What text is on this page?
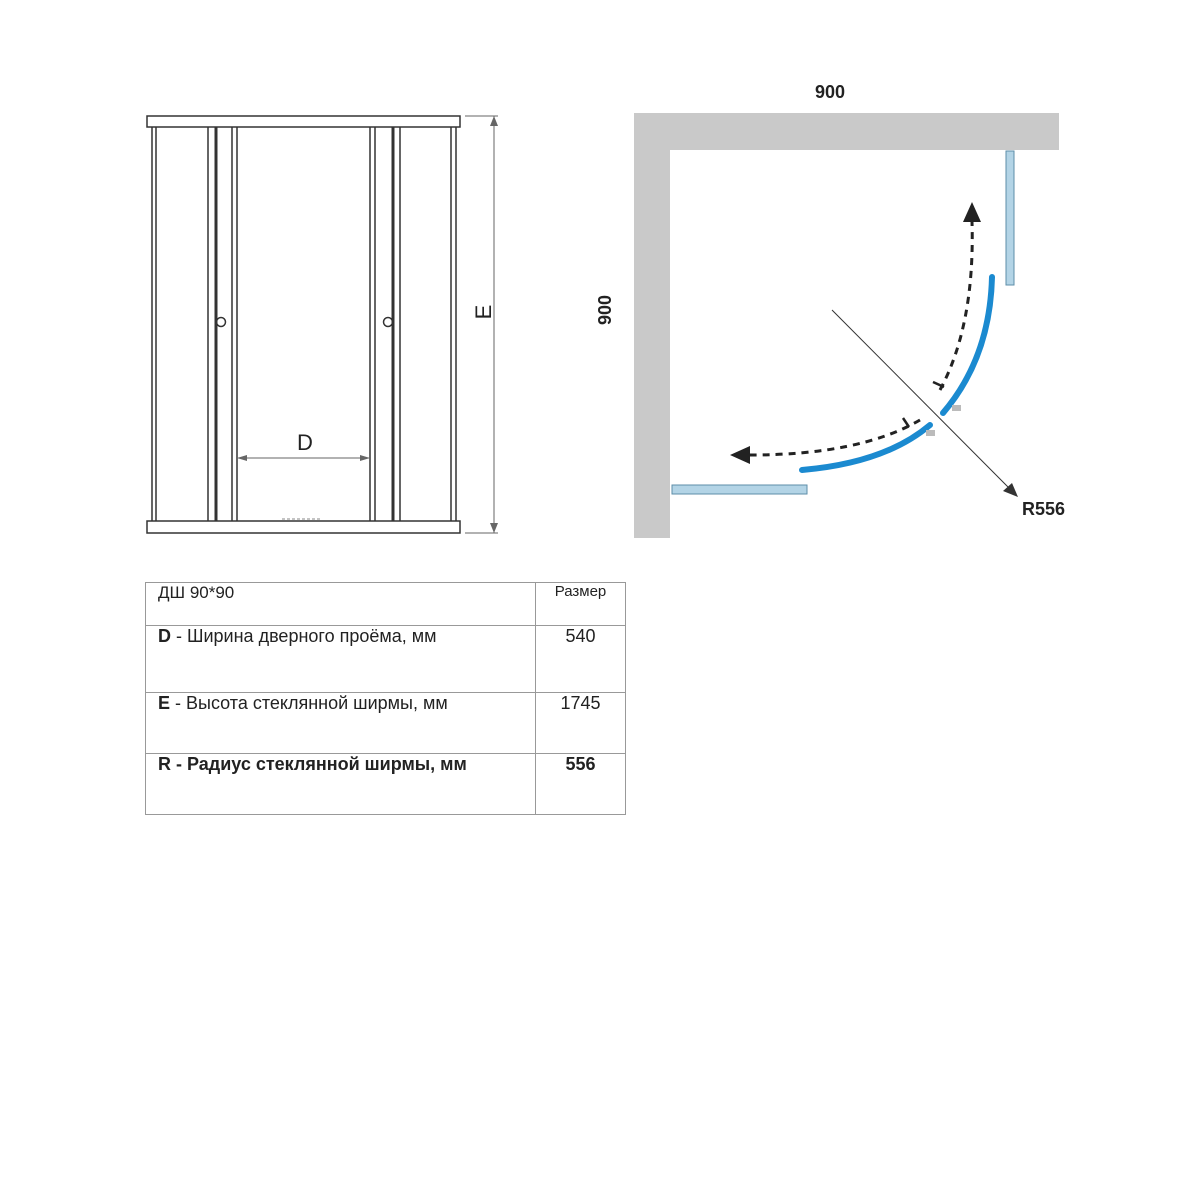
900
900
R556
E
D
ДШ 90*90	Размер
D - Ширина дверного проёма, мм	540
E - Высота стеклянной ширмы, мм	1745
R - Радиус стеклянной ширмы, мм	556
